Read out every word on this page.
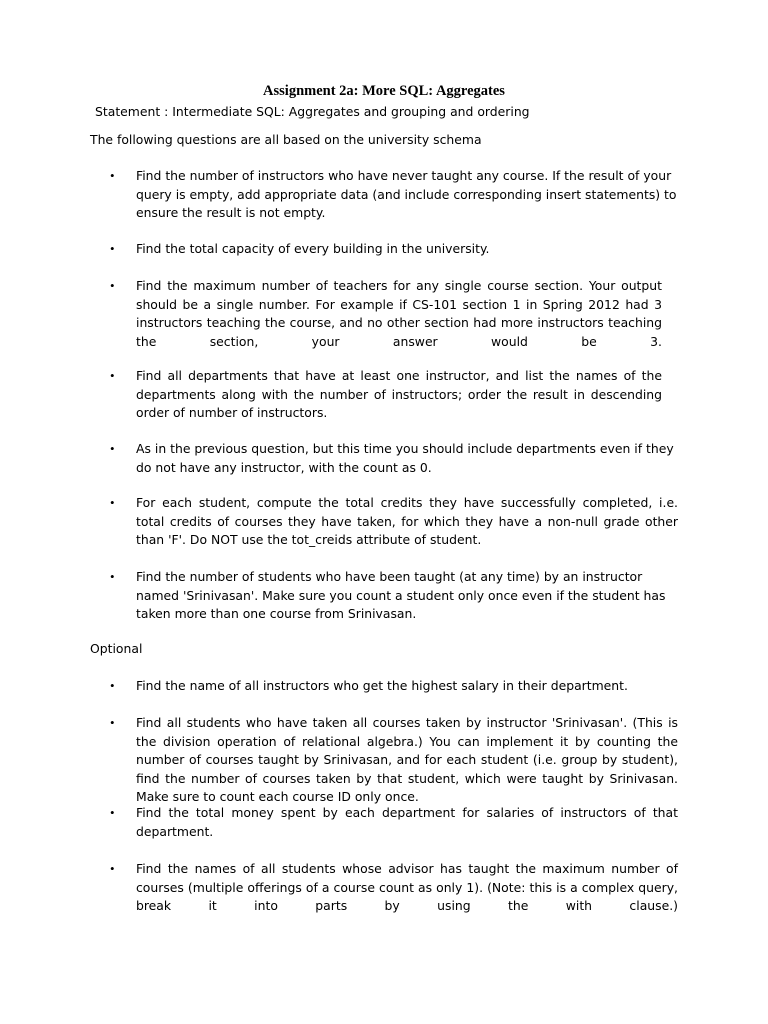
Assignment 2a: More SQL: Aggregates
Statement : Intermediate SQL: Aggregates and grouping and ordering
The following questions are all based on the university schema
• Find the number of instructors who have never taught any course. If the result of your query is empty, add appropriate data (and include corresponding insert statements) to ensure the result is not empty.
• Find the total capacity of every building in the university.
• Find the maximum number of teachers for any single course section. Your output should be a single number. For example if CS-101 section 1 in Spring 2012 had 3 instructors teaching the course, and no other section had more instructors teaching the section, your answer would be 3.
• Find all departments that have at least one instructor, and list the names of the departments along with the number of instructors; order the result in descending order of number of instructors.
• As in the previous question, but this time you should include departments even if they do not have any instructor, with the count as 0.
• For each student, compute the total credits they have successfully completed, i.e. total credits of courses they have taken, for which they have a non-null grade other than 'F'. Do NOT use the tot_creids attribute of student.
• Find the number of students who have been taught (at any time) by an instructor named 'Srinivasan'. Make sure you count a student only once even if the student has taken more than one course from Srinivasan.
Optional
• Find the name of all instructors who get the highest salary in their department.
• Find all students who have taken all courses taken by instructor 'Srinivasan'. (This is the division operation of relational algebra.) You can implement it by counting the number of courses taught by Srinivasan, and for each student (i.e. group by student), find the number of courses taken by that student, which were taught by Srinivasan. Make sure to count each course ID only once.
• Find the total money spent by each department for salaries of instructors of that department.
• Find the names of all students whose advisor has taught the maximum number of courses (multiple offerings of a course count as only 1). (Note: this is a complex query, break it into parts by using the with clause.)
